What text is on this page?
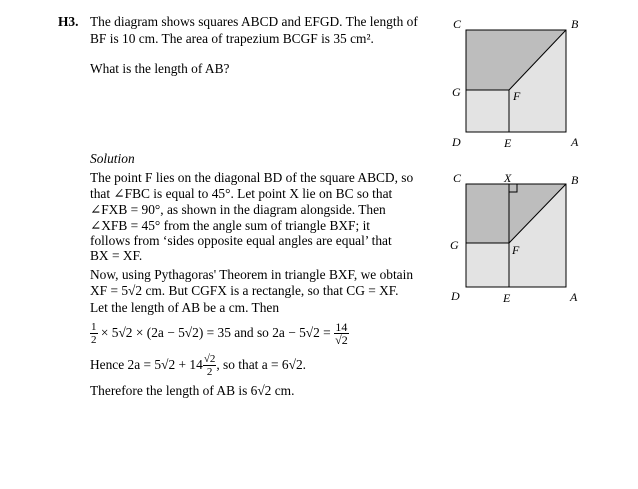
H3. The diagram shows squares ABCD and EFGD. The length of
BF is 10 cm. The area of trapezium BCGF is 35 cm².
What is the length of AB?
Solution
The point F lies on the diagonal BD of the square ABCD, so
that ∠FBC is equal to 45°. Let point X lie on BC so that
∠FXB = 90°, as shown in the diagram alongside. Then
∠XFB = 45° from the angle sum of triangle BXF; it
follows from ‘sides opposite equal angles are equal’ that
BX = XF.
Now, using Pythagoras' Theorem in triangle BXF, we obtain
XF = 5√2 cm. But CGFX is a rectangle, so that CG = XF.
Let the length of AB be a cm. Then
$\frac{1}{2} \times 5√2 \times (2a - 5√2) = 35$ and so $2a - 5√2 = \frac{14}{√2}$
Hence $2a = 5√2 + 14 \frac{√2}{2}$ , so that a = 6√2.
Therefore the length of AB is 6√2 cm.
C	B
G	F
D	E	A
C	X	B
G	F
D	E	A
